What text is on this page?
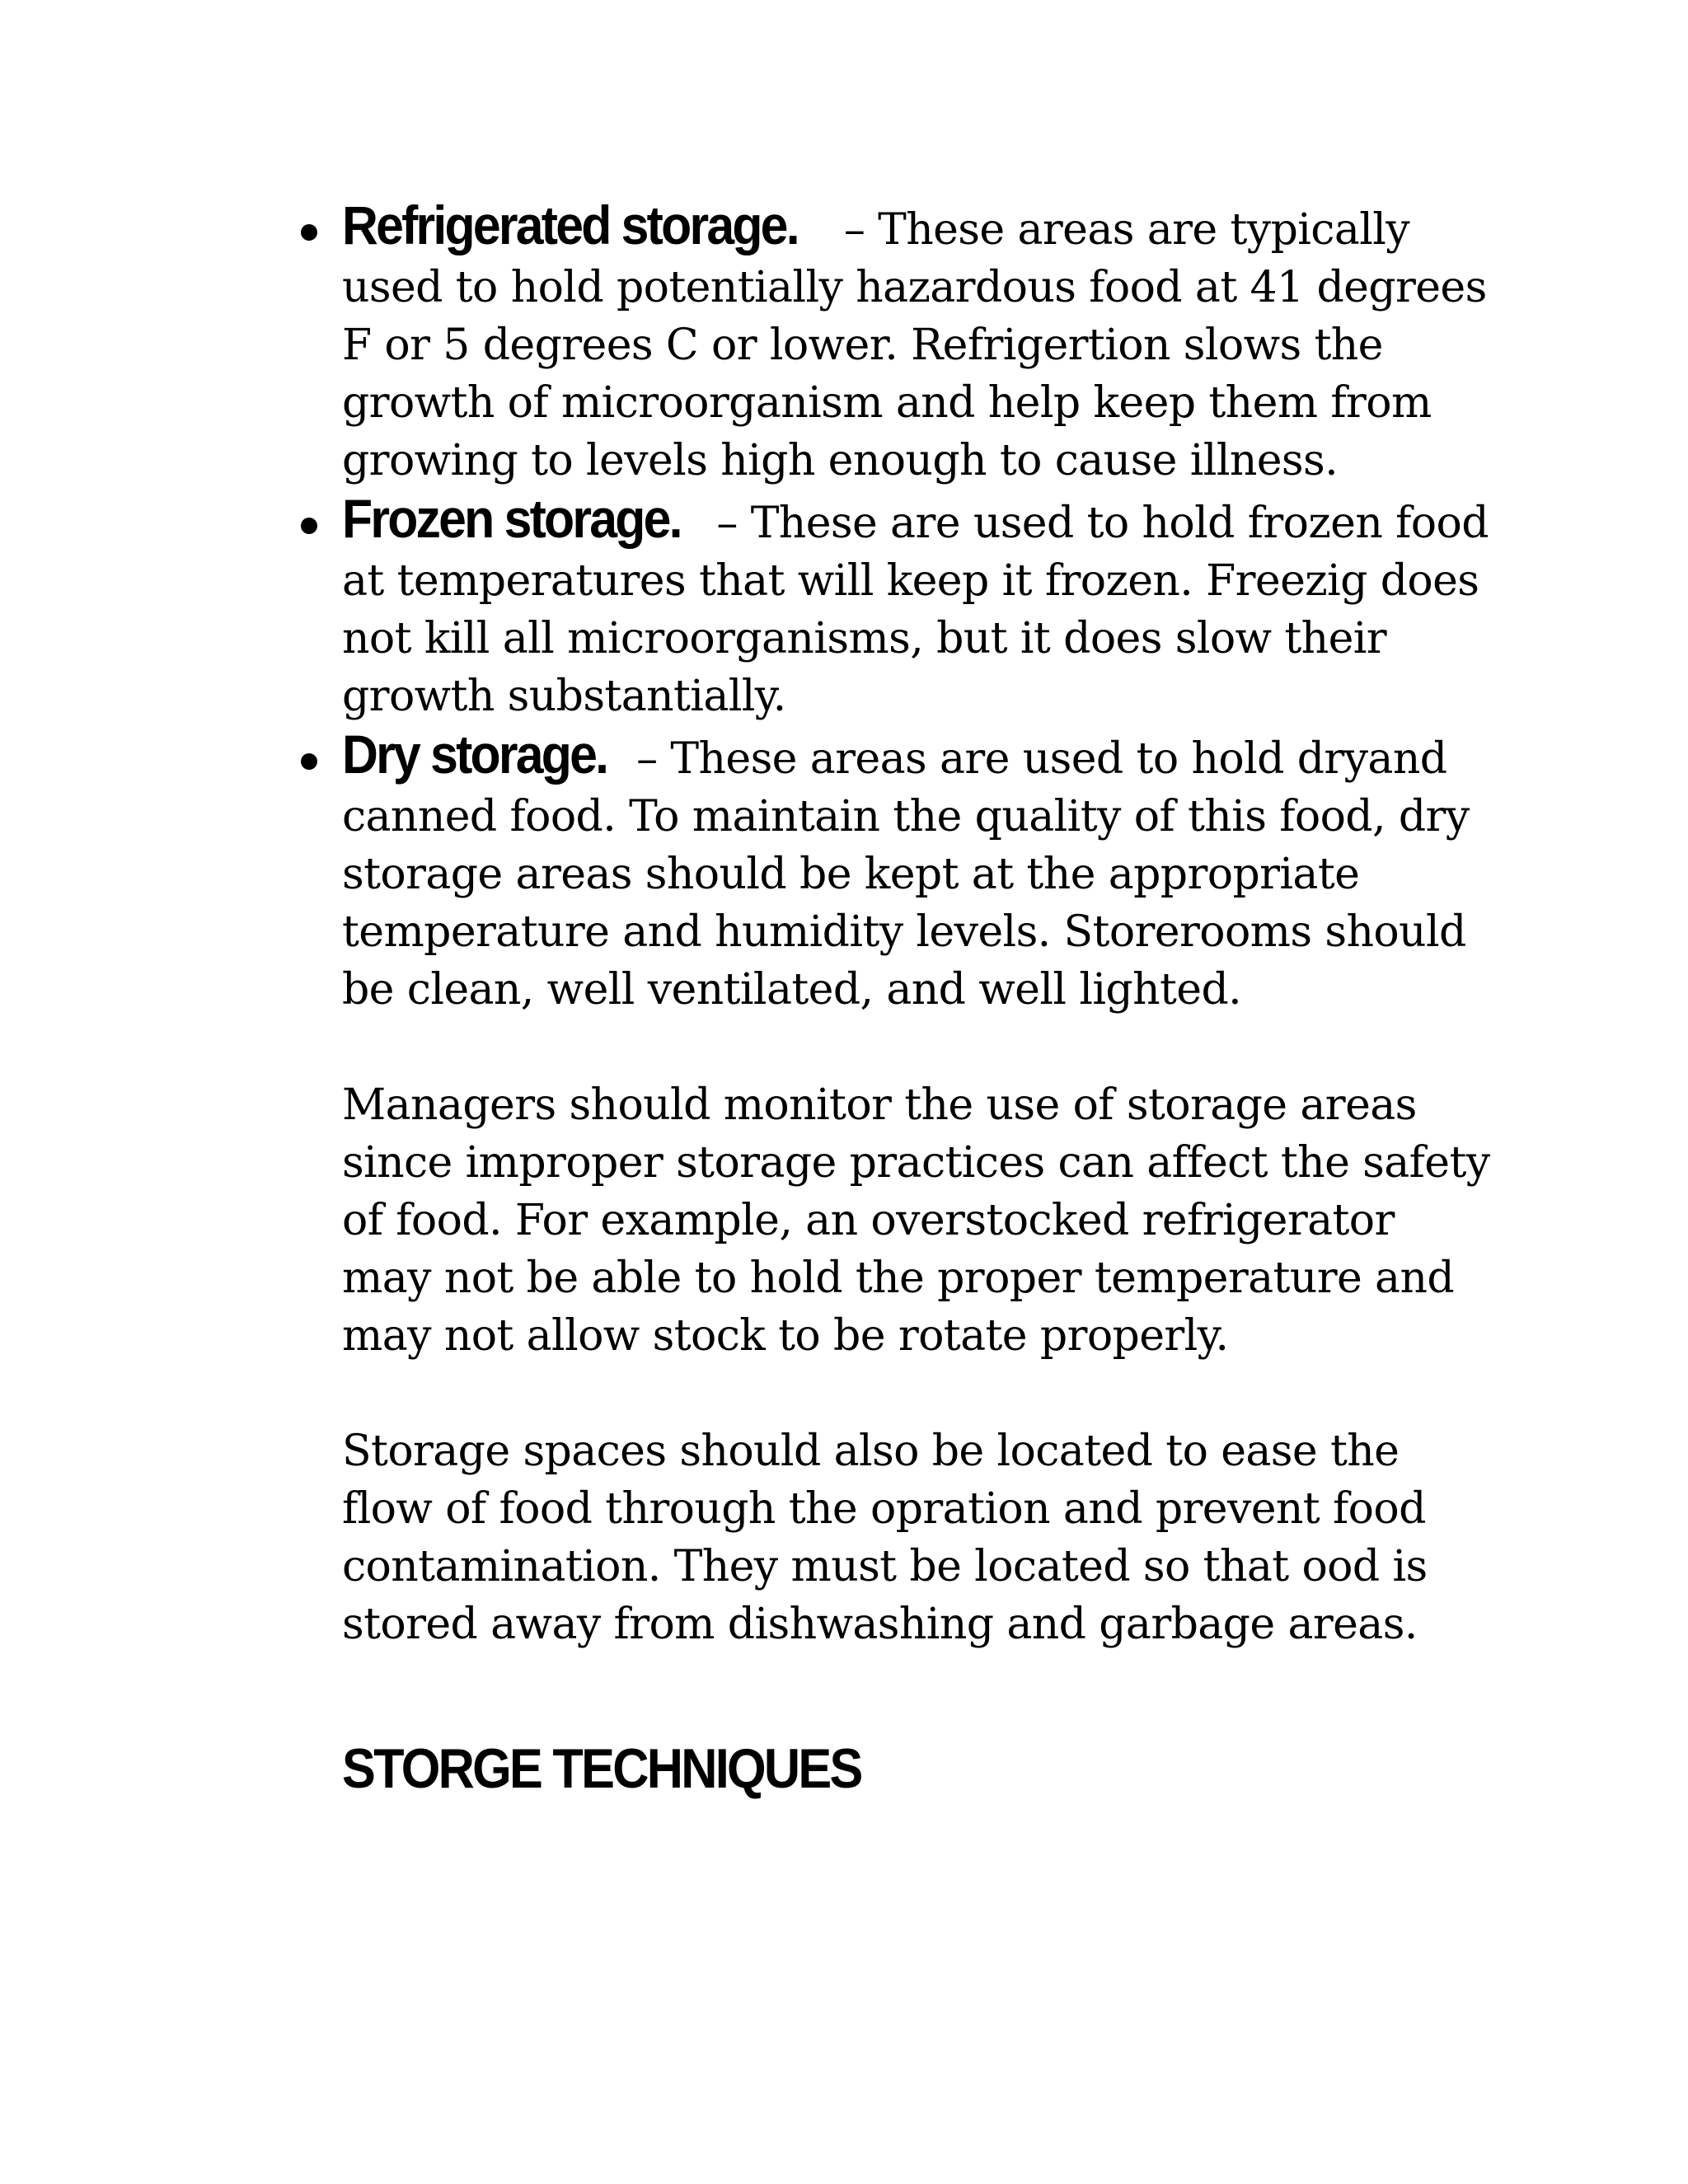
Refrigerated storage. – These areas are typically used to hold potentially hazardous food at 41 degrees F or 5 degrees C or lower. Refrigertion slows the growth of microorganism and help keep them from growing to levels high enough to cause illness.
Frozen storage. – These are used to hold frozen food at temperatures that will keep it frozen. Freezig does not kill all microorganisms, but it does slow their growth substantially.
Dry storage. – These areas are used to hold dryand canned food. To maintain the quality of this food, dry storage areas should be kept at the appropriate temperature and humidity levels. Storerooms should be clean, well ventilated, and well lighted.

Managers should monitor the use of storage areas since improper storage practices can affect the safety of food. For example, an overstocked refrigerator may not be able to hold the proper temperature and may not allow stock to be rotate properly.

Storage spaces should also be located to ease the flow of food through the opration and prevent food contamination. They must be located so that ood is stored away from dishwashing and garbage areas.

STORGE TECHNIQUES
